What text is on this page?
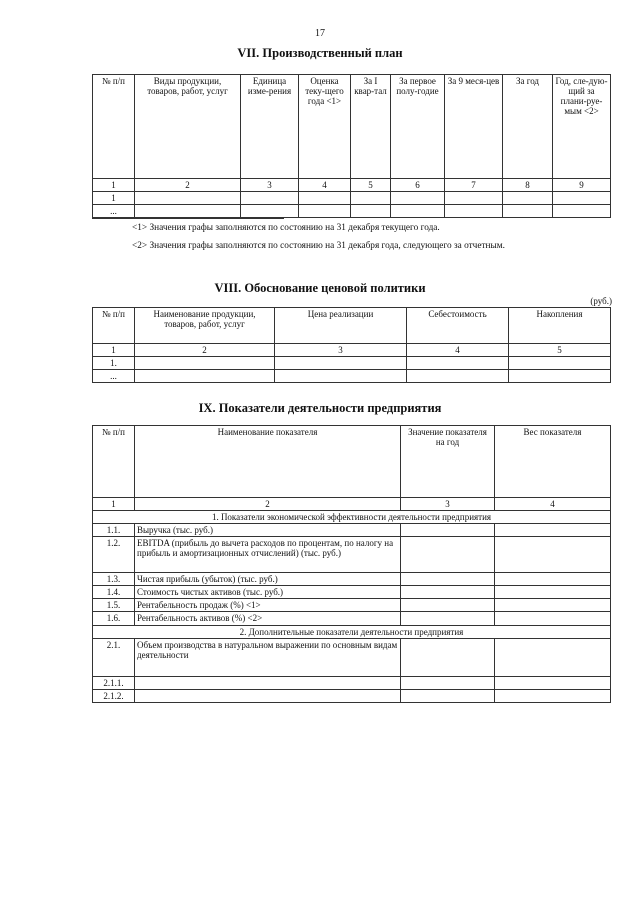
17
VII. Производственный план
№ п/п	Виды продукции, товаров, работ, услуг	Единица изме-рения	Оценка теку-щего года <1>	За I квар-тал	За первое полу-годие	За 9 меся-цев	За год	Год, сле-дую-щий за плани-руе-мым <2>
1	2	3	4	5	6	7	8	9
1								
...								
<1> Значения графы заполняются по состоянию на 31 декабря текущего года.
<2> Значения графы заполняются по состоянию на 31 декабря года, следующего за отчетным.
VIII. Обоснование ценовой политики
(руб.)
№ п/п	Наименование продукции, товаров, работ, услуг	Цена реализации	Себестоимость	Накопления
1	2	3	4	5
1.				
...				
IX. Показатели деятельности предприятия
№ п/п	Наименование показателя	Значение показателя на год	Вес показателя
1	2	3	4
1. Показатели экономической эффективности деятельности предприятия			
1.1.	Выручка (тыс. руб.)		
1.2.	EBITDA (прибыль до вычета расходов по процентам, по налогу на прибыль и амортизационных отчислений) (тыс. руб.)		
1.3.	Чистая прибыль (убыток) (тыс. руб.)		
1.4.	Стоимость чистых активов (тыс. руб.)		
1.5.	Рентабельность продаж (%) <1>		
1.6.	Рентабельность активов (%) <2>		
2. Дополнительные показатели деятельности предприятия			
2.1.	Объем производства в натуральном выражении по основным видам деятельности		
2.1.1.			
2.1.2.			
